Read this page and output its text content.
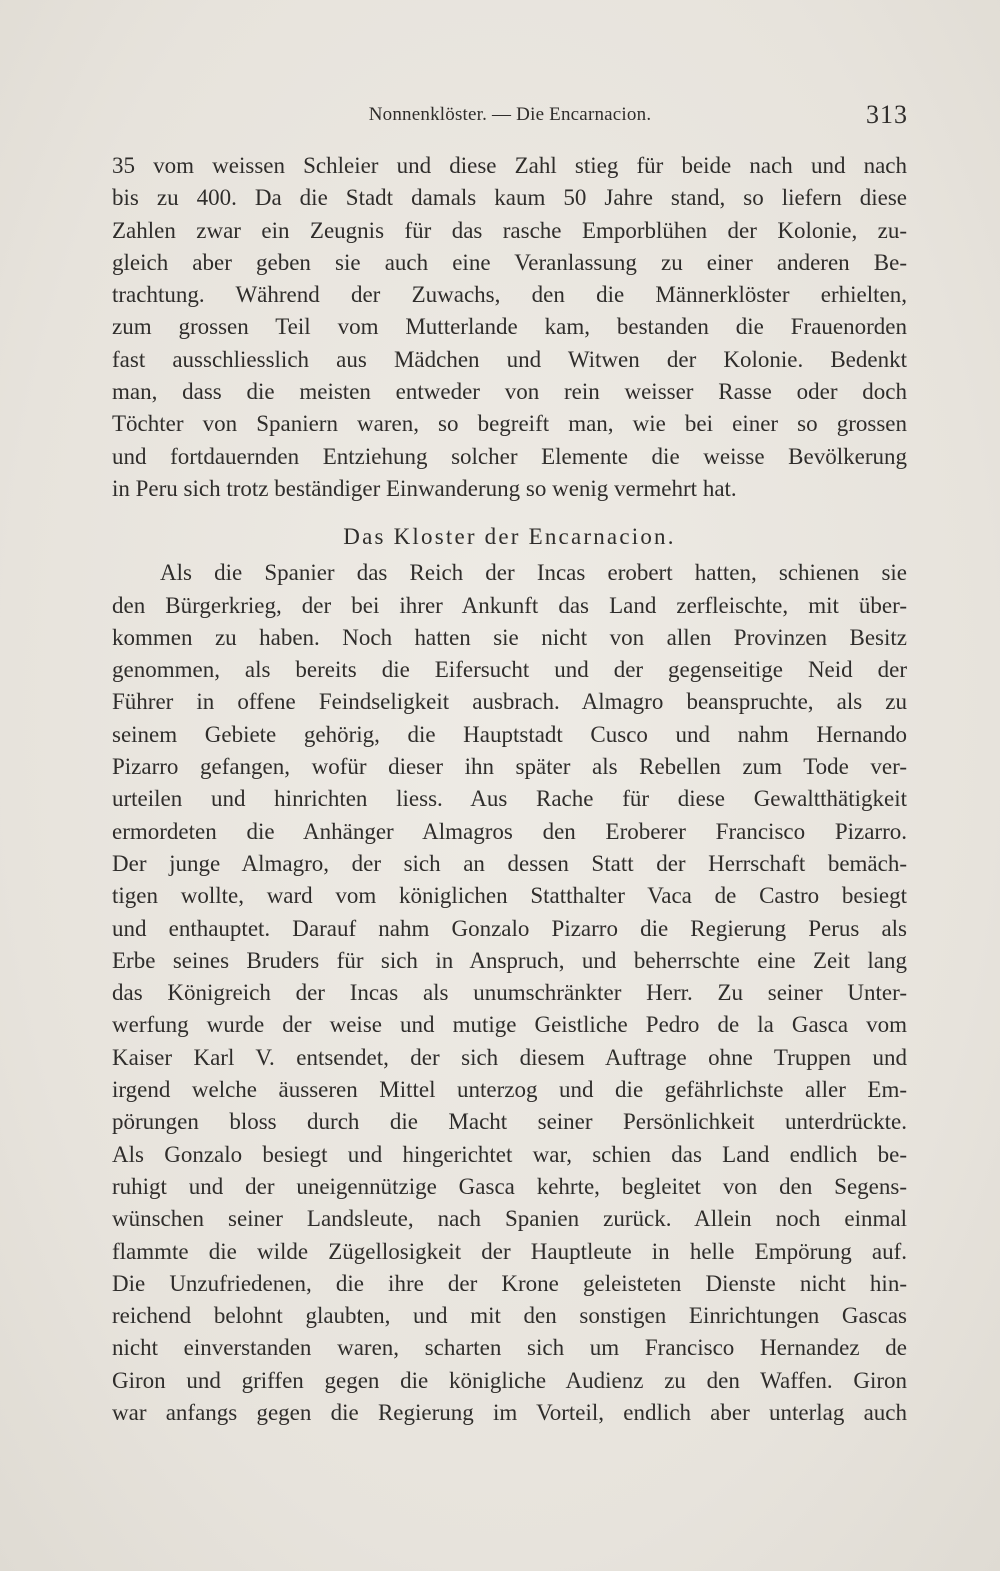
Nonnenklöster. — Die Encarnacion.	313
35 vom weissen Schleier und diese Zahl stieg für beide nach und nach
bis zu 400. Da die Stadt damals kaum 50 Jahre stand, so liefern diese
Zahlen zwar ein Zeugnis für das rasche Emporblühen der Kolonie, zu-
gleich aber geben sie auch eine Veranlassung zu einer anderen Be-
trachtung. Während der Zuwachs, den die Männerklöster erhielten,
zum grossen Teil vom Mutterlande kam, bestanden die Frauenorden
fast ausschliesslich aus Mädchen und Witwen der Kolonie. Bedenkt
man, dass die meisten entweder von rein weisser Rasse oder doch
Töchter von Spaniern waren, so begreift man, wie bei einer so grossen
und fortdauernden Entziehung solcher Elemente die weisse Bevölkerung
in Peru sich trotz beständiger Einwanderung so wenig vermehrt hat.
Das Kloster der Encarnacion.
Als die Spanier das Reich der Incas erobert hatten, schienen sie
den Bürgerkrieg, der bei ihrer Ankunft das Land zerfleischte, mit über-
kommen zu haben. Noch hatten sie nicht von allen Provinzen Besitz
genommen, als bereits die Eifersucht und der gegenseitige Neid der
Führer in offene Feindseligkeit ausbrach. Almagro beanspruchte, als zu
seinem Gebiete gehörig, die Hauptstadt Cusco und nahm Hernando
Pizarro gefangen, wofür dieser ihn später als Rebellen zum Tode ver-
urteilen und hinrichten liess. Aus Rache für diese Gewaltthätigkeit
ermordeten die Anhänger Almagros den Eroberer Francisco Pizarro.
Der junge Almagro, der sich an dessen Statt der Herrschaft bemäch-
tigen wollte, ward vom königlichen Statthalter Vaca de Castro besiegt
und enthauptet. Darauf nahm Gonzalo Pizarro die Regierung Perus als
Erbe seines Bruders für sich in Anspruch, und beherrschte eine Zeit lang
das Königreich der Incas als unumschränkter Herr. Zu seiner Unter-
werfung wurde der weise und mutige Geistliche Pedro de la Gasca vom
Kaiser Karl V. entsendet, der sich diesem Auftrage ohne Truppen und
irgend welche äusseren Mittel unterzog und die gefährlichste aller Em-
pörungen bloss durch die Macht seiner Persönlichkeit unterdrückte.
Als Gonzalo besiegt und hingerichtet war, schien das Land endlich be-
ruhigt und der uneigennützige Gasca kehrte, begleitet von den Segens-
wünschen seiner Landsleute, nach Spanien zurück. Allein noch einmal
flammte die wilde Zügellosigkeit der Hauptleute in helle Empörung auf.
Die Unzufriedenen, die ihre der Krone geleisteten Dienste nicht hin-
reichend belohnt glaubten, und mit den sonstigen Einrichtungen Gascas
nicht einverstanden waren, scharten sich um Francisco Hernandez de
Giron und griffen gegen die königliche Audienz zu den Waffen. Giron
war anfangs gegen die Regierung im Vorteil, endlich aber unterlag auch
